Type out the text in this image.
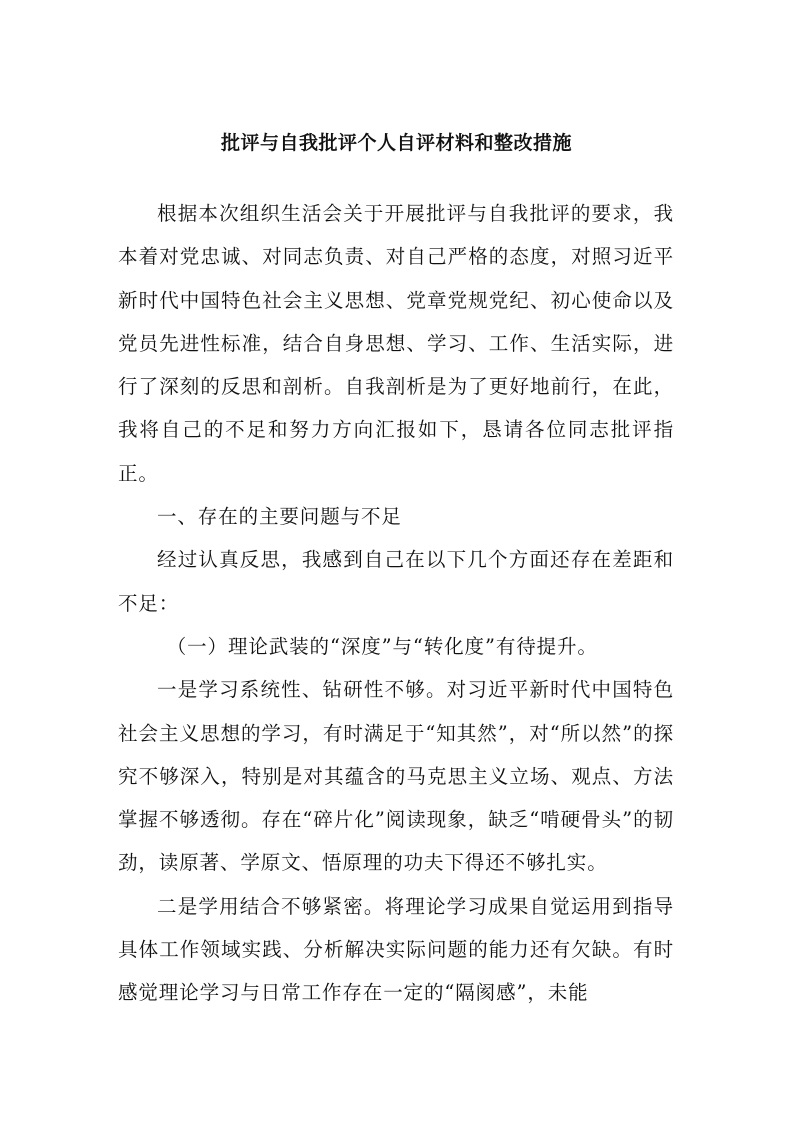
批评与自我批评个人自评材料和整改措施

根据本次组织生活会关于开展批评与自我批评的要求，我本着对党忠诚、对同志负责、对自己严格的态度，对照习近平新时代中国特色社会主义思想、党章党规党纪、初心使命以及党员先进性标准，结合自身思想、学习、工作、生活实际，进行了深刻的反思和剖析。自我剖析是为了更好地前行，在此，我将自己的不足和努力方向汇报如下，恳请各位同志批评指正。

一、存在的主要问题与不足

经过认真反思，我感到自己在以下几个方面还存在差距和不足：

（一）理论武装的“深度”与“转化度”有待提升。

一是学习系统性、钻研性不够。对习近平新时代中国特色社会主义思想的学习，有时满足于“知其然”，对“所以然”的探究不够深入，特别是对其蕴含的马克思主义立场、观点、方法掌握不够透彻。存在“碎片化”阅读现象，缺乏“啃硬骨头”的韧劲，读原著、学原文、悟原理的功夫下得还不够扎实。

二是学用结合不够紧密。将理论学习成果自觉运用到指导具体工作领域实践、分析解决实际问题的能力还有欠缺。有时感觉理论学习与日常工作存在一定的“隔阂感”，未能
